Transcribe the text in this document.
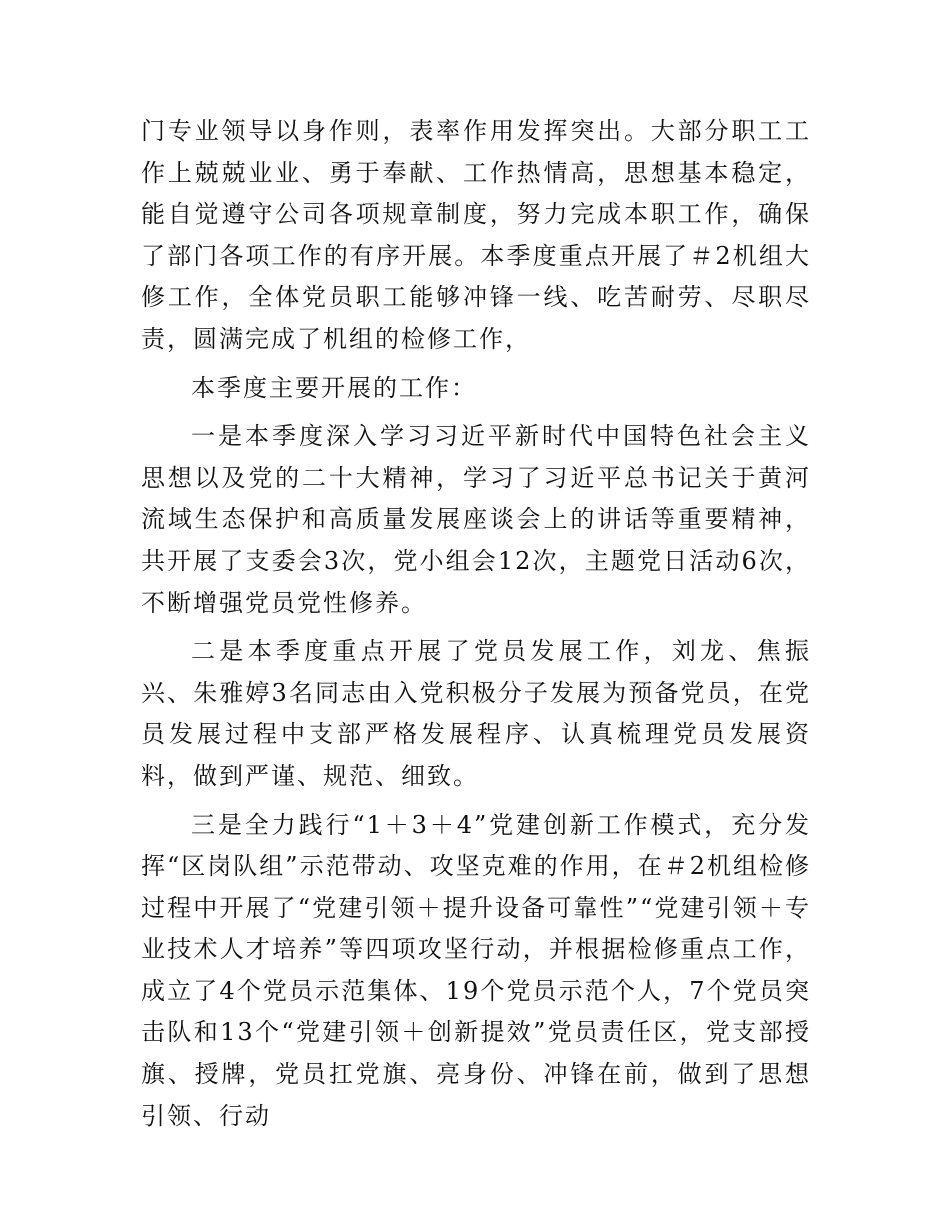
门专业领导以身作则，表率作用发挥突出。大部分职工工作上兢兢业业、勇于奉献、工作热情高，思想基本稳定，能自觉遵守公司各项规章制度，努力完成本职工作，确保了部门各项工作的有序开展。本季度重点开展了＃2机组大修工作，全体党员职工能够冲锋一线、吃苦耐劳、尽职尽责，圆满完成了机组的检修工作，

本季度主要开展的工作：

一是本季度深入学习习近平新时代中国特色社会主义思想以及党的二十大精神，学习了习近平总书记关于黄河流域生态保护和高质量发展座谈会上的讲话等重要精神，共开展了支委会3次，党小组会12次，主题党日活动6次，不断增强党员党性修养。

二是本季度重点开展了党员发展工作，刘龙、焦振兴、朱雅婷3名同志由入党积极分子发展为预备党员，在党员发展过程中支部严格发展程序、认真梳理党员发展资料，做到严谨、规范、细致。

三是全力践行“1＋3＋4”党建创新工作模式，充分发挥“区岗队组”示范带动、攻坚克难的作用，在＃2机组检修过程中开展了“党建引领＋提升设备可靠性”“党建引领＋专业技术人才培养”等四项攻坚行动，并根据检修重点工作，成立了4个党员示范集体、19个党员示范个人，7个党员突击队和13个“党建引领＋创新提效”党员责任区，党支部授旗、授牌，党员扛党旗、亮身份、冲锋在前，做到了思想引领、行动
